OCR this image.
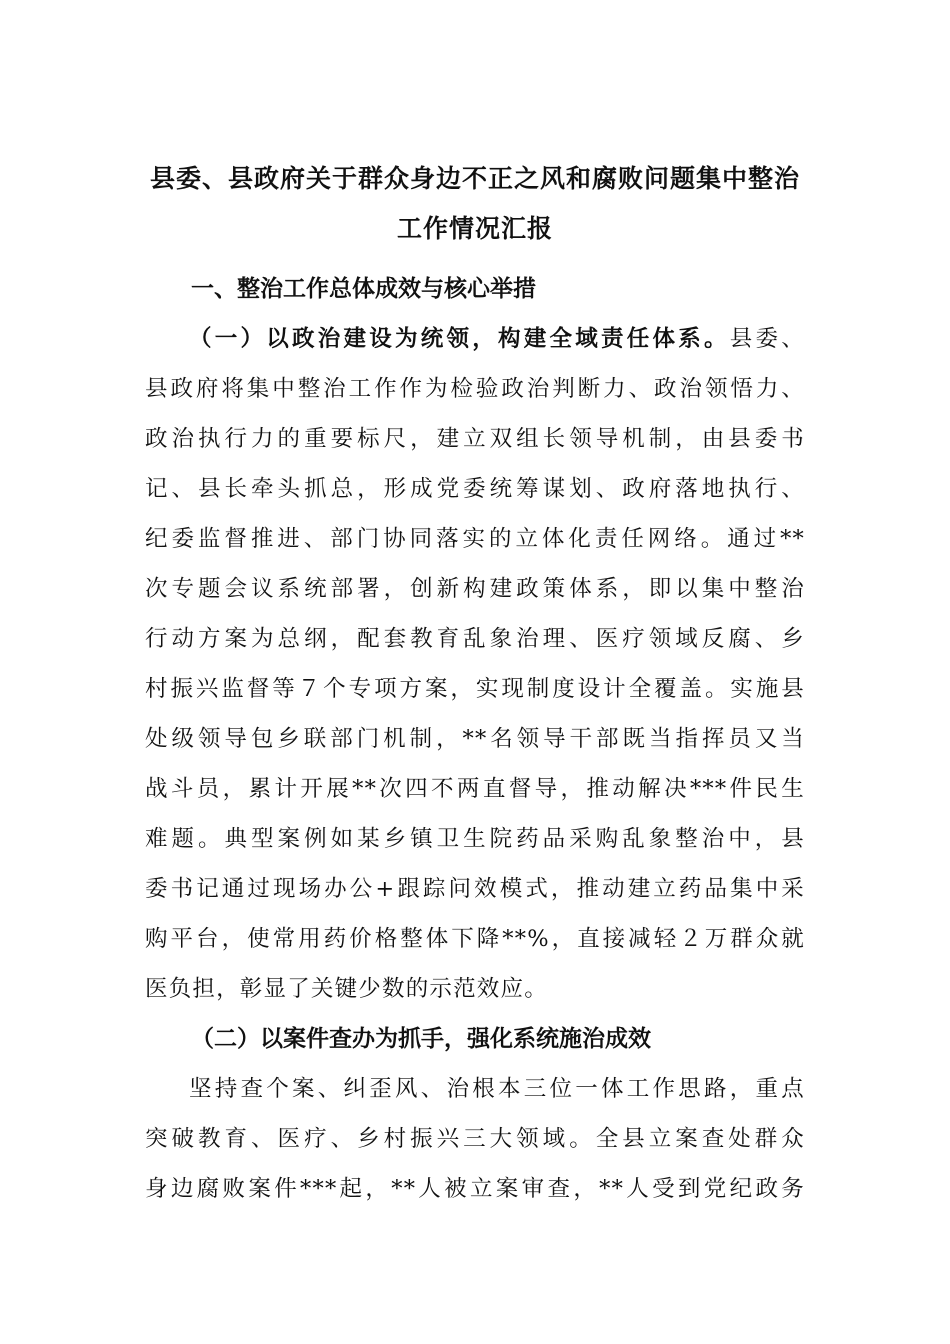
县委、县政府关于群众身边不正之风和腐败问题集中整治
工作情况汇报

一、整治工作总体成效与核心举措

（一）以政治建设为统领，构建全域责任体系。县委、
县政府将集中整治工作作为检验政治判断力、政治领悟力、
政治执行力的重要标尺，建立双组长领导机制，由县委书
记、县长牵头抓总，形成党委统筹谋划、政府落地执行、
纪委监督推进、部门协同落实的立体化责任网络。通过**
次专题会议系统部署，创新构建政策体系，即以集中整治
行动方案为总纲，配套教育乱象治理、医疗领域反腐、乡
村振兴监督等７个专项方案，实现制度设计全覆盖。实施县
处级领导包乡联部门机制，**名领导干部既当指挥员又当
战斗员，累计开展**次四不两直督导，推动解决***件民生
难题。典型案例如某乡镇卫生院药品采购乱象整治中，县
委书记通过现场办公+跟踪问效模式，推动建立药品集中采
购平台，使常用药价格整体下降**%，直接减轻２万群众就
医负担，彰显了关键少数的示范效应。

（二）以案件查办为抓手，强化系统施治成效

坚持查个案、纠歪风、治根本三位一体工作思路，重点
突破教育、医疗、乡村振兴三大领域。全县立案查处群众
身边腐败案件***起，**人被立案审查，**人受到党纪政务
